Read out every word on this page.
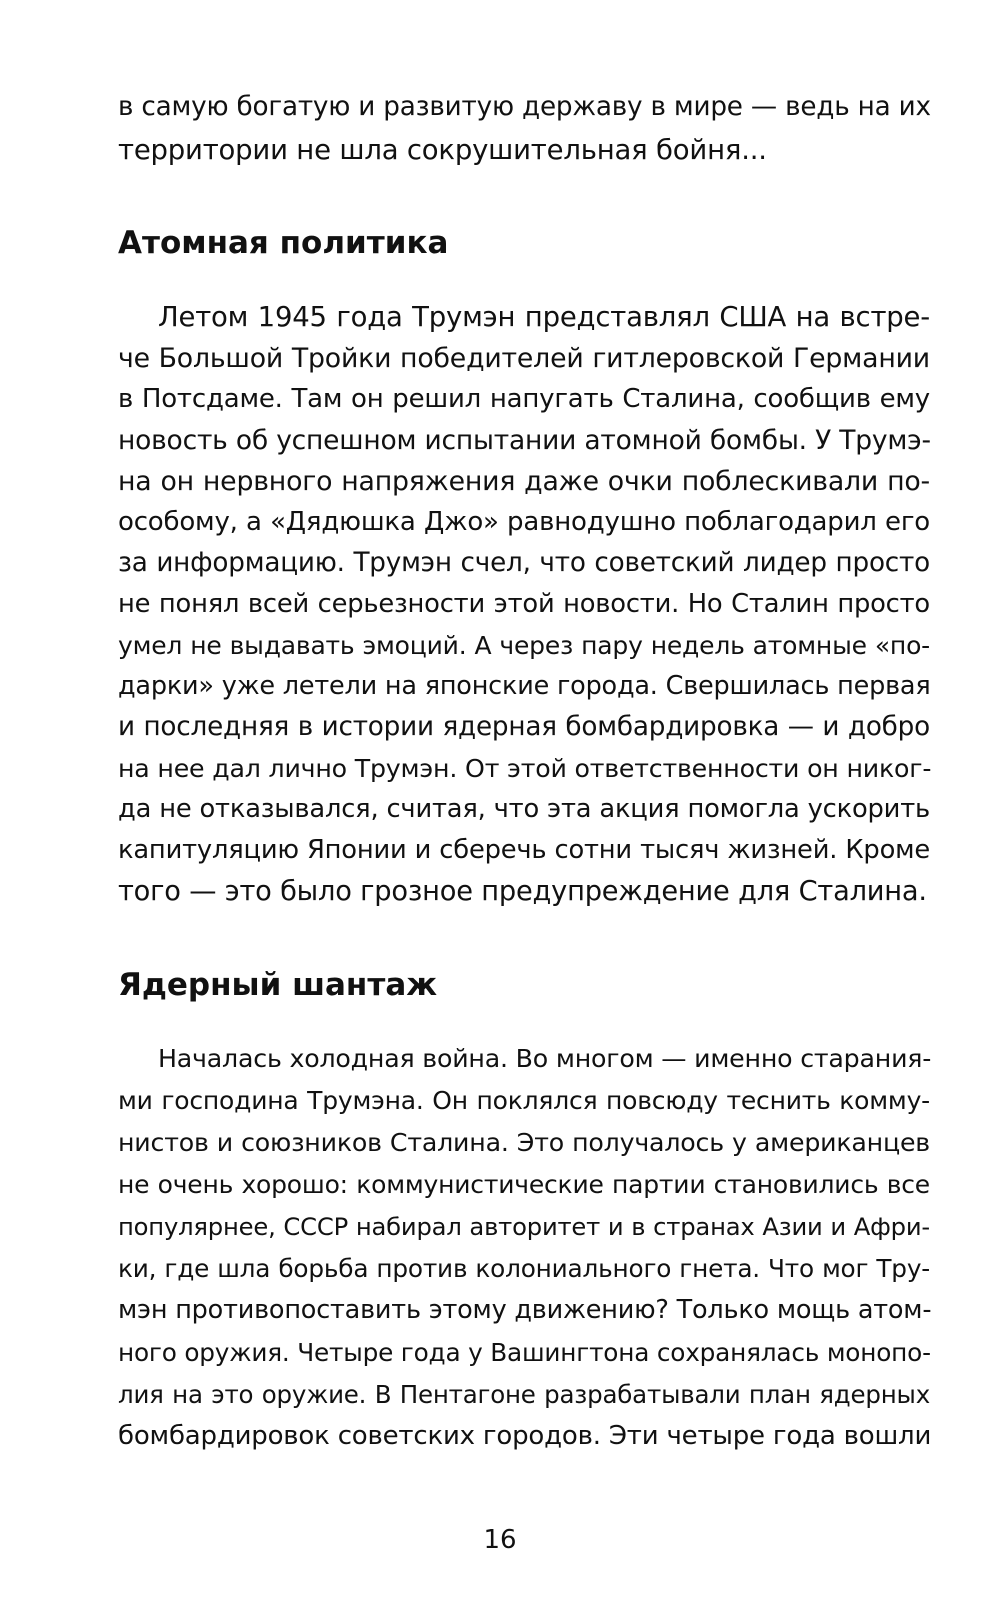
в самую богатую и развитую державу в мире — ведь на их
территории не шла сокрушительная бойня...
Атомная политика
Летом 1945 года Трумэн представлял США на встре-
че Большой Тройки победителей гитлеровской Германии
в Потсдаме. Там он решил напугать Сталина, сообщив ему
новость об успешном испытании атомной бомбы. У Трумэ-
на он нервного напряжения даже очки поблескивали по-
особому, а «Дядюшка Джо» равнодушно поблагодарил его
за информацию. Трумэн счел, что советский лидер просто
не понял всей серьезности этой новости. Но Сталин просто
умел не выдавать эмоций. А через пару недель атомные «по-
дарки» уже летели на японские города. Свершилась первая
и последняя в истории ядерная бомбардировка — и добро
на нее дал лично Трумэн. От этой ответственности он никог-
да не отказывался, считая, что эта акция помогла ускорить
капитуляцию Японии и сберечь сотни тысяч жизней. Кроме
того — это было грозное предупреждение для Сталина.
Ядерный шантаж
Началась холодная война. Во многом — именно старания-
ми господина Трумэна. Он поклялся повсюду теснить комму-
нистов и союзников Сталина. Это получалось у американцев
не очень хорошо: коммунистические партии становились все
популярнее, СССР набирал авторитет и в странах Азии и Афри-
ки, где шла борьба против колониального гнета. Что мог Тру-
мэн противопоставить этому движению? Только мощь атом-
ного оружия. Четыре года у Вашингтона сохранялась монопо-
лия на это оружие. В Пентагоне разрабатывали план ядерных
бомбардировок советских городов. Эти четыре года вошли
16
